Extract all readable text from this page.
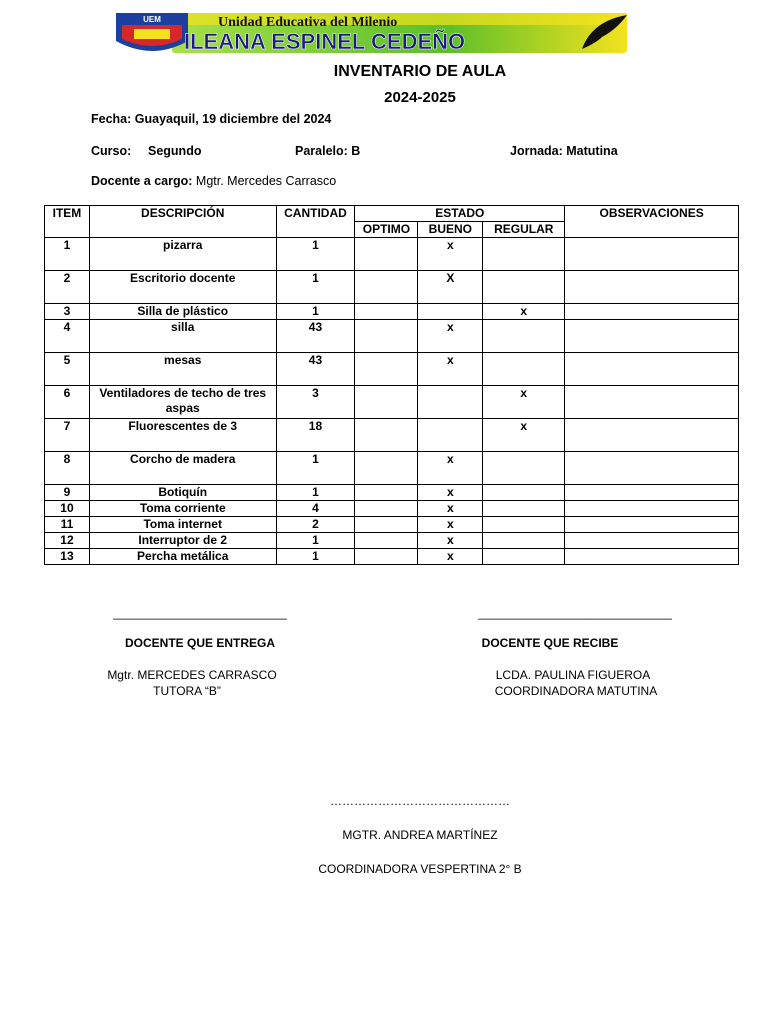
UEM	Unidad Educativa del Milenio
ILEANA ESPINEL CEDEÑO
INVENTARIO DE AULA
2024-2025
Fecha: Guayaquil, 19 diciembre del 2024
Curso: Segundo	Paralelo: B	Jornada: Matutina
Docente a cargo: Mgtr. Mercedes Carrasco
ITEM	DESCRIPCIÓN	CANTIDAD	ESTADO			OBSERVACIONES
			OPTIMO	BUENO	REGULAR	
1	pizarra	1		x		
2	Escritorio docente	1		X		
3	Silla de plástico	1			x	
4	silla	43		x		
5	mesas	43		x		
6	Ventiladores de techo de tres aspas	3			x	
7	Fluorescentes de 3	18			x	
8	Corcho de madera	1		x		
9	Botiquín	1		x		
10	Toma corriente	4		x		
11	Toma internet	2		x		
12	Interruptor de 2	1		x		
13	Percha metálica	1		x		
__________________________
DOCENTE QUE ENTREGA
Mgtr. MERCEDES CARRASCO
TUTORA “B”
_____________________________
DOCENTE QUE RECIBE
LCDA. PAULINA FIGUEROA
COORDINADORA MATUTINA
………………………………………
MGTR. ANDREA MARTÍNEZ
COORDINADORA VESPERTINA 2° B
